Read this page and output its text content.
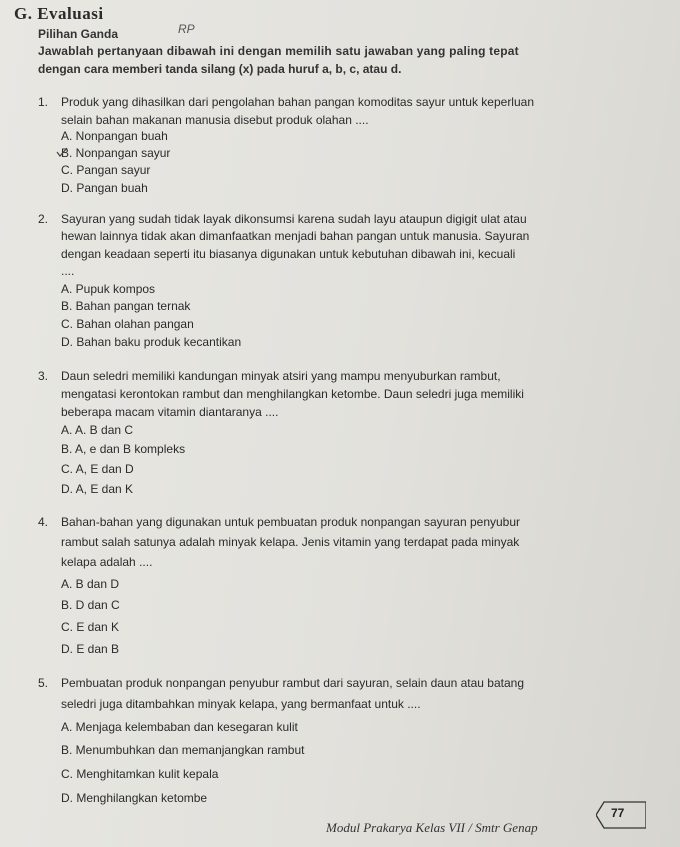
G. Evaluasi
Pilihan Ganda	RP
Jawablah pertanyaan dibawah ini dengan memilih satu jawaban yang paling tepat
dengan cara memberi tanda silang (x) pada huruf a, b, c, atau d.
1. Produk yang dihasilkan dari pengolahan bahan pangan komoditas sayur untuk keperluan
selain bahan makanan manusia disebut produk olahan ....
A. Nonpangan buah
B. Nonpangan sayur
C. Pangan sayur
D. Pangan buah
2. Sayuran yang sudah tidak layak dikonsumsi karena sudah layu ataupun digigit ulat atau
hewan lainnya tidak akan dimanfaatkan menjadi bahan pangan untuk manusia. Sayuran
dengan keadaan seperti itu biasanya digunakan untuk kebutuhan dibawah ini, kecuali
....
A. Pupuk kompos
B. Bahan pangan ternak
C. Bahan olahan pangan
D. Bahan baku produk kecantikan
3. Daun seledri memiliki kandungan minyak atsiri yang mampu menyuburkan rambut,
mengatasi kerontokan rambut dan menghilangkan ketombe. Daun seledri juga memiliki
beberapa macam vitamin diantaranya ....
A. A. B dan C
B. A, e dan B kompleks
C. A, E dan D
D. A, E dan K
4. Bahan-bahan yang digunakan untuk pembuatan produk nonpangan sayuran penyubur
rambut salah satunya adalah minyak kelapa. Jenis vitamin yang terdapat pada minyak
kelapa adalah ....
A. B dan D
B. D dan C
C. E dan K
D. E dan B
5. Pembuatan produk nonpangan penyubur rambut dari sayuran, selain daun atau batang
seledri juga ditambahkan minyak kelapa, yang bermanfaat untuk ....
A. Menjaga kelembaban dan kesegaran kulit
B. Menumbuhkan dan memanjangkan rambut
C. Menghitamkan kulit kepala
D. Menghilangkan ketombe
Modul Prakarya Kelas VII / Smtr Genap
77
